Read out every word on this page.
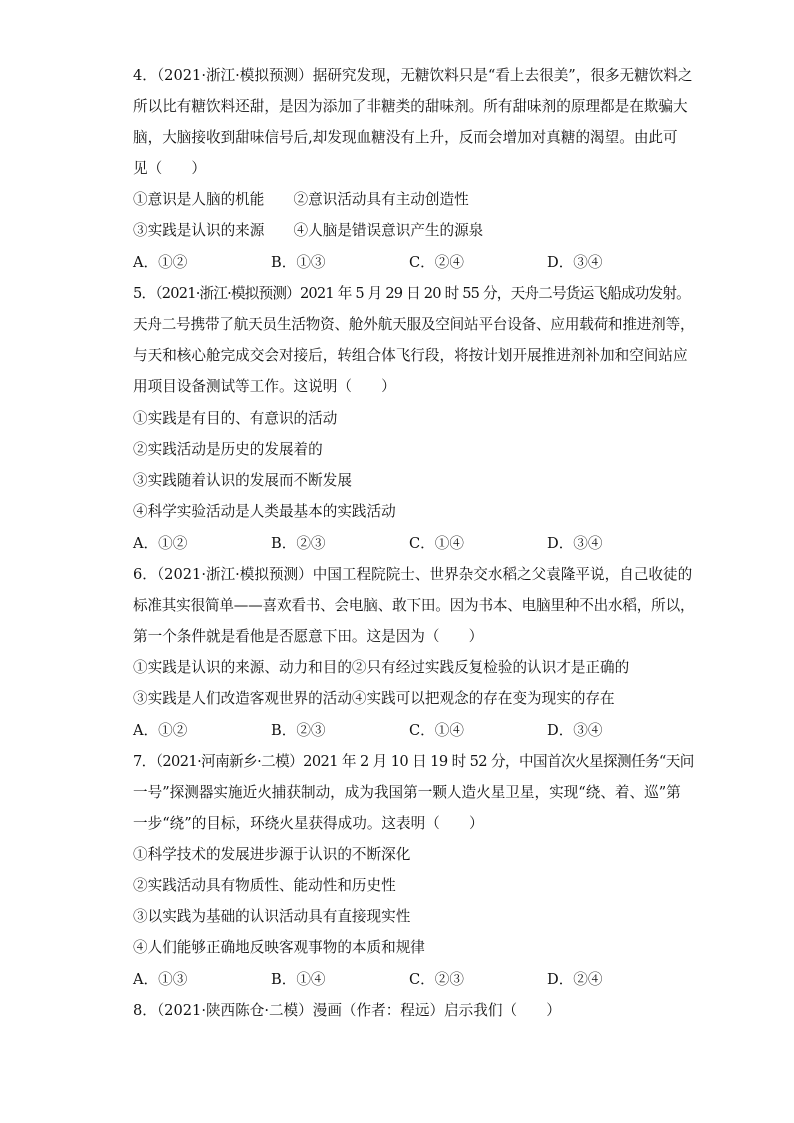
4．（2021·浙江·模拟预测）据研究发现，无糖饮料只是“看上去很美”，很多无糖饮料之
所以比有糖饮料还甜，是因为添加了非糖类的甜味剂。所有甜味剂的原理都是在欺骗大
脑，大脑接收到甜味信号后,却发现血糖没有上升，反而会增加对真糖的渴望。由此可
见（　　）
①意识是人脑的机能　　②意识活动具有主动创造性
③实践是认识的来源　　④人脑是错误意识产生的源泉
A．①②	B．①③	C．②④	D．③④
5．（2021·浙江·模拟预测）2021 年 5 月 29 日 20 时 55 分，天舟二号货运飞船成功发射。
天舟二号携带了航天员生活物资、舱外航天服及空间站平台设备、应用载荷和推进剂等，
与天和核心舱完成交会对接后，转组合体飞行段，将按计划开展推进剂补加和空间站应
用项目设备测试等工作。这说明（　　）
①实践是有目的、有意识的活动
②实践活动是历史的发展着的
③实践随着认识的发展而不断发展
④科学实验活动是人类最基本的实践活动
A．①②	B．②③	C．①④	D．③④
6．（2021·浙江·模拟预测）中国工程院院士、世界杂交水稻之父袁隆平说，自己收徒的
标准其实很简单——喜欢看书、会电脑、敢下田。因为书本、电脑里种不出水稻，所以，
第一个条件就是看他是否愿意下田。这是因为（　　）
①实践是认识的来源、动力和目的②只有经过实践反复检验的认识才是正确的
③实践是人们改造客观世界的活动④实践可以把观念的存在变为现实的存在
A．①②	B．②③	C．①④	D．③④
7．（2021·河南新乡·二模）2021 年 2 月 10 日 19 时 52 分，中国首次火星探测任务“天问
一号”探测器实施近火捕获制动，成为我国第一颗人造火星卫星，实现“绕、着、巡”第
一步“绕”的目标，环绕火星获得成功。这表明（　　）
①科学技术的发展进步源于认识的不断深化
②实践活动具有物质性、能动性和历史性
③以实践为基础的认识活动具有直接现实性
④人们能够正确地反映客观事物的本质和规律
A．①③	B．①④	C．②③	D．②④
8．（2021·陕西陈仓·二模）漫画（作者：程远）启示我们（　　）
